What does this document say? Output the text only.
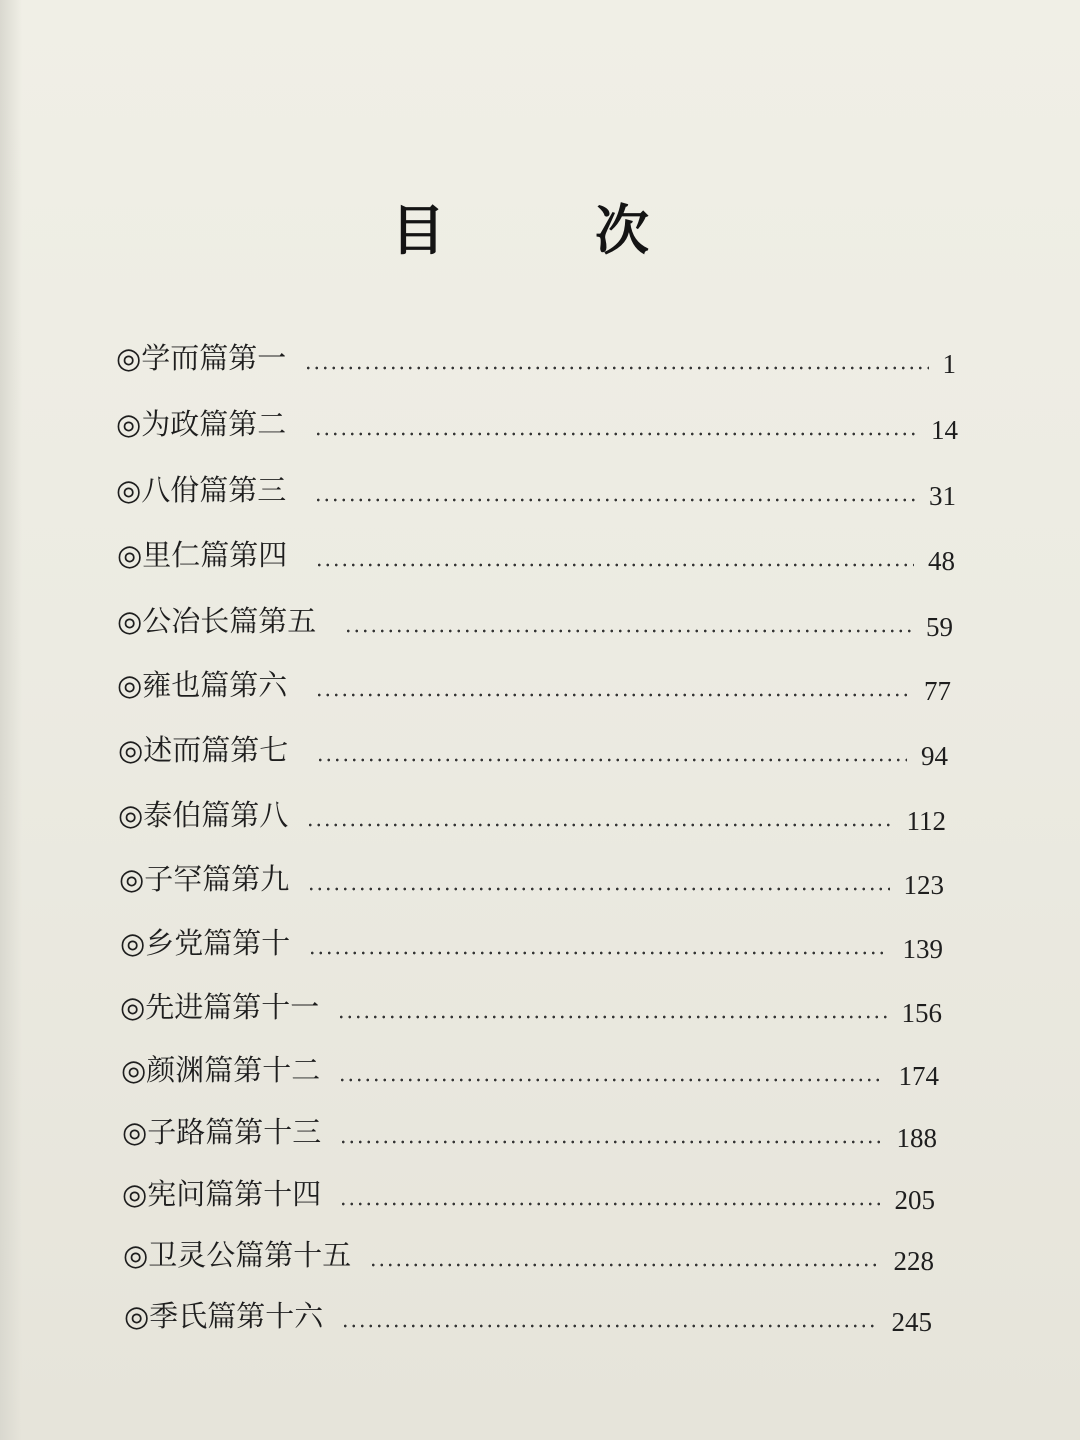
目　次
◎学而篇第一	1
◎为政篇第二	14
◎八佾篇第三	31
◎里仁篇第四	48
◎公冶长篇第五	59
◎雍也篇第六	77
◎述而篇第七	94
◎泰伯篇第八	112
◎子罕篇第九	123
◎乡党篇第十	139
◎先进篇第十一	156
◎颜渊篇第十二	174
◎子路篇第十三	188
◎宪问篇第十四	205
◎卫灵公篇第十五	228
◎季氏篇第十六	245
